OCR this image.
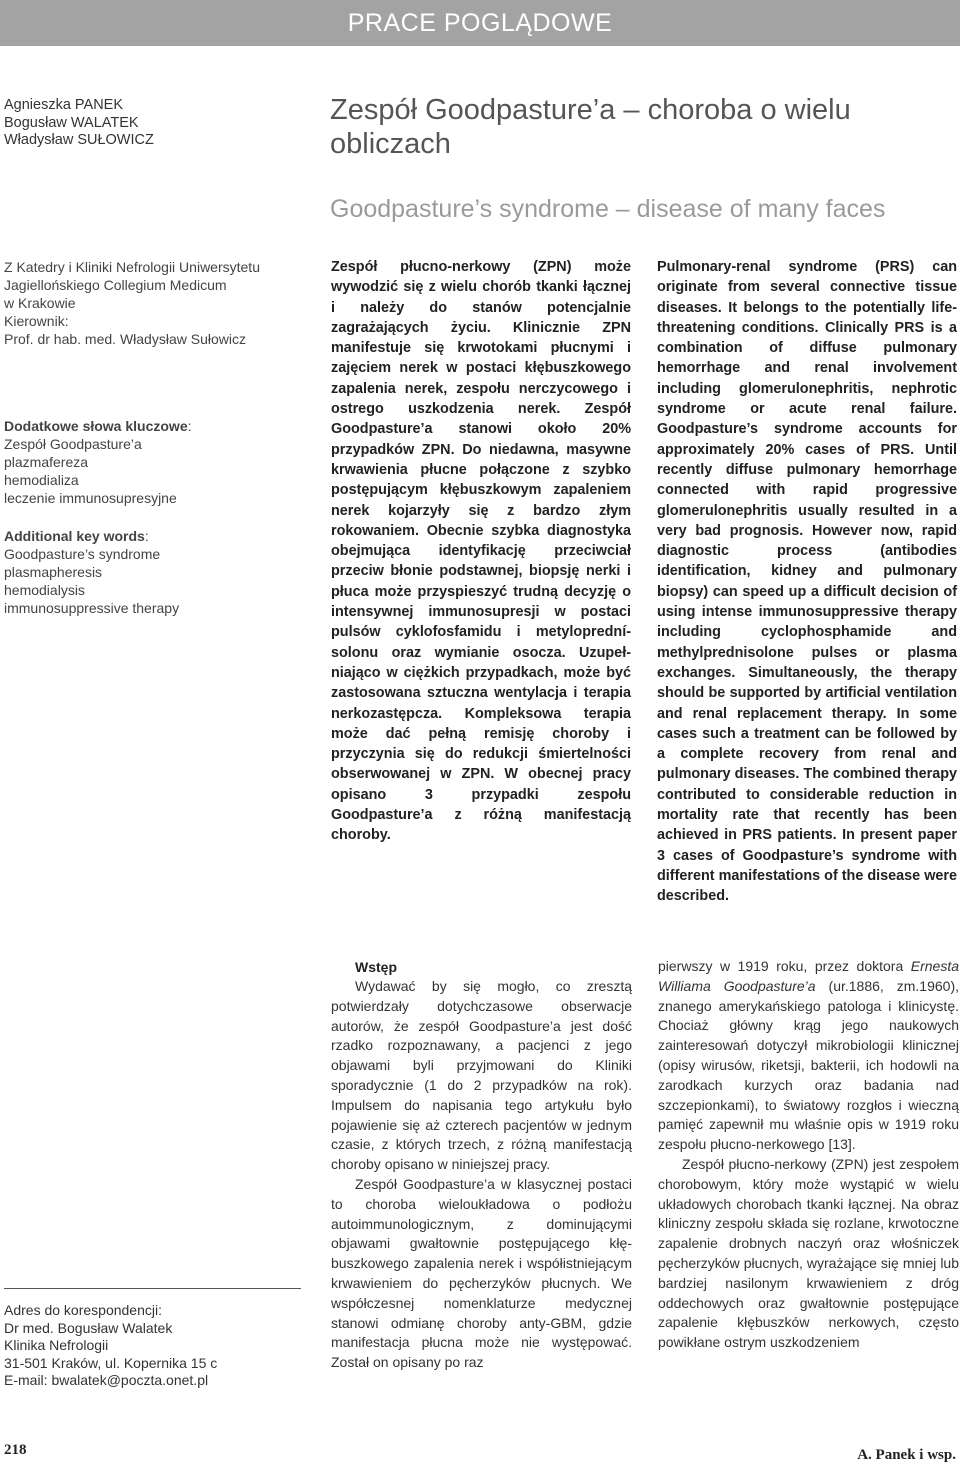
PRACE POGLĄDOWE
Agnieszka PANEK
Bogusław WALATEK
Władysław SUŁOWICZ
Zespół Goodpasture’a – choroba o wielu obliczach
Goodpasture’s syndrome – disease of many faces
Z Katedry i Kliniki Nefrologii Uniwersytetu
Jagiellońskiego Collegium Medicum
w Krakowie
Kierownik:
Prof. dr hab. med. Władysław Sułowicz
Dodatkowe słowa kluczowe:
Zespół Goodpasture’a
plazmafereza
hemodializa
leczenie immunosupresyjne
Additional key words:
Goodpasture’s syndrome
plasmapheresis
hemodialysis
immunosuppressive therapy

Zespół płucno-nerkowy (ZPN) może wywodzić się z wielu chorób tkanki łącznej i należy do stanów potencjalnie zagrażających życiu. Klinicznie ZPN manifestuje się krwotokami płucnymi i zajęciem nerek w postaci kłębuszkowego zapalenia nerek, zespołu nerczycowego i ostrego uszkodzenia nerek. Zespół Goodpasture’a stanowi około 20% przypadków ZPN. Do niedawna, masywne krwawienia płucne połączone z szybko postępującym kłębuszkowym zapaleniem nerek kojarzyły się z bardzo złym rokowaniem. Obecnie szybka diagnostyka obejmująca identyfikację przeciwciał przeciw błonie podstawnej, biopsję nerki i płuca może przyspieszyć trudną decyzję o intensywnej immunosupresji w postaci pulsów cyklofosfamidu i metyloprednísolonu oraz wymianie osocza. Uzupełniająco w ciężkich przypadkach, może być zastosowana sztuczna wentylacja i terapia nerkozastępcza. Kompleksowa terapia może dać pełną remisję choroby i przyczynia się do redukcji śmiertelności obserwowanej w ZPN. W obecnej pracy opisano 3 przypadki zespołu Goodpasture’a z różną manifestacją choroby.

Pulmonary-renal syndrome (PRS) can originate from several connective tissue diseases. It belongs to the potentially life-threatening conditions. Clinically PRS is a combination of diffuse pulmonary hemorrhage and renal involvement including glomerulonephritis, nephrotic syndrome or acute renal failure. Goodpasture’s syndrome accounts for approximately 20% cases of PRS. Until recently diffuse pulmonary hemorrhage connected with rapid progressive glomerulonephritis usually resulted in a very bad prognosis. However now, rapid diagnostic process (antibodies identification, kidney and pulmonary biopsy) can speed up a difficult decision of using intense immunosuppressive therapy including cyclophosphamide and methylprednisolone pulses or plasma exchanges. Simultaneously, the therapy should be supported by artificial ventilation and renal replacement therapy. In some cases such a treatment can be followed by a complete recovery from renal and pulmonary diseases. The combined therapy contributed to considerable reduction in mortality rate that recently has been achieved in PRS patients. In present paper 3 cases of Goodpasture’s syndrome with different manifestations of the disease were described.

Wstęp

Wydawać by się mogło, co zresztą potwierdzały dotychczasowe obserwacje autorów, że zespół Goodpasture’a jest dość rzadko rozpoznawany, a pacjenci z jego objawami byli przyjmowani do Kliniki sporadycznie (1 do 2 przypadków na rok). Impulsem do napisania tego artykułu było pojawienie się aż czterech pacjentów w jednym czasie, z których trzech, z różną manifestacją choroby opisano w niniejszej pracy.

Zespół Goodpasture’a w klasycznej postaci to choroba wieloukładowa o podłożu autoimmunologicznym, z dominującymi objawami gwałtownie postępującego kłębuszkowego zapalenia nerek i współistniejącym krwawieniem do pęcherzyków płucnych. We współczesnej nomenklaturze medycznej stanowi odmianę choroby anty-GBM, gdzie manifestacja płucna może nie występować. Został on opisany po raz

pierwszy w 1919 roku, przez doktora Ernesta Williama Goodpasture’a (ur.1886, zm.1960), znanego amerykańskiego patologa i klinicystę. Chociaż główny krąg jego naukowych zainteresowań dotyczył mikrobiologii klinicznej (opisy wirusów, riketsji, bakterii, ich hodowli na zarodkach kurzych oraz badania nad szczepionkami), to światowy rozgłos i wieczną pamięć zapewnił mu właśnie opis w 1919 roku zespołu płucno-nerkowego [13].

Zespół płucno-nerkowy (ZPN) jest zespołem chorobowym, który może wystąpić w wielu układowych chorobach tkanki łącznej. Na obraz kliniczny zespołu składa się rozlane, krwotoczne zapalenie drobnych naczyń oraz włośniczek pęcherzyków płucnych, wyrażające się mniej lub bardziej nasilonym krwawieniem z dróg oddechowych oraz gwałtownie postępujące zapalenie kłębuszków nerkowych, często powikłane ostrym uszkodzeniem

Adres do korespondencji:
Dr med. Bogusław Walatek
Klinika Nefrologii
31-501 Kraków, ul. Kopernika 15 c
E-mail: bwalatek@poczta.onet.pl
218	A. Panek i wsp.
